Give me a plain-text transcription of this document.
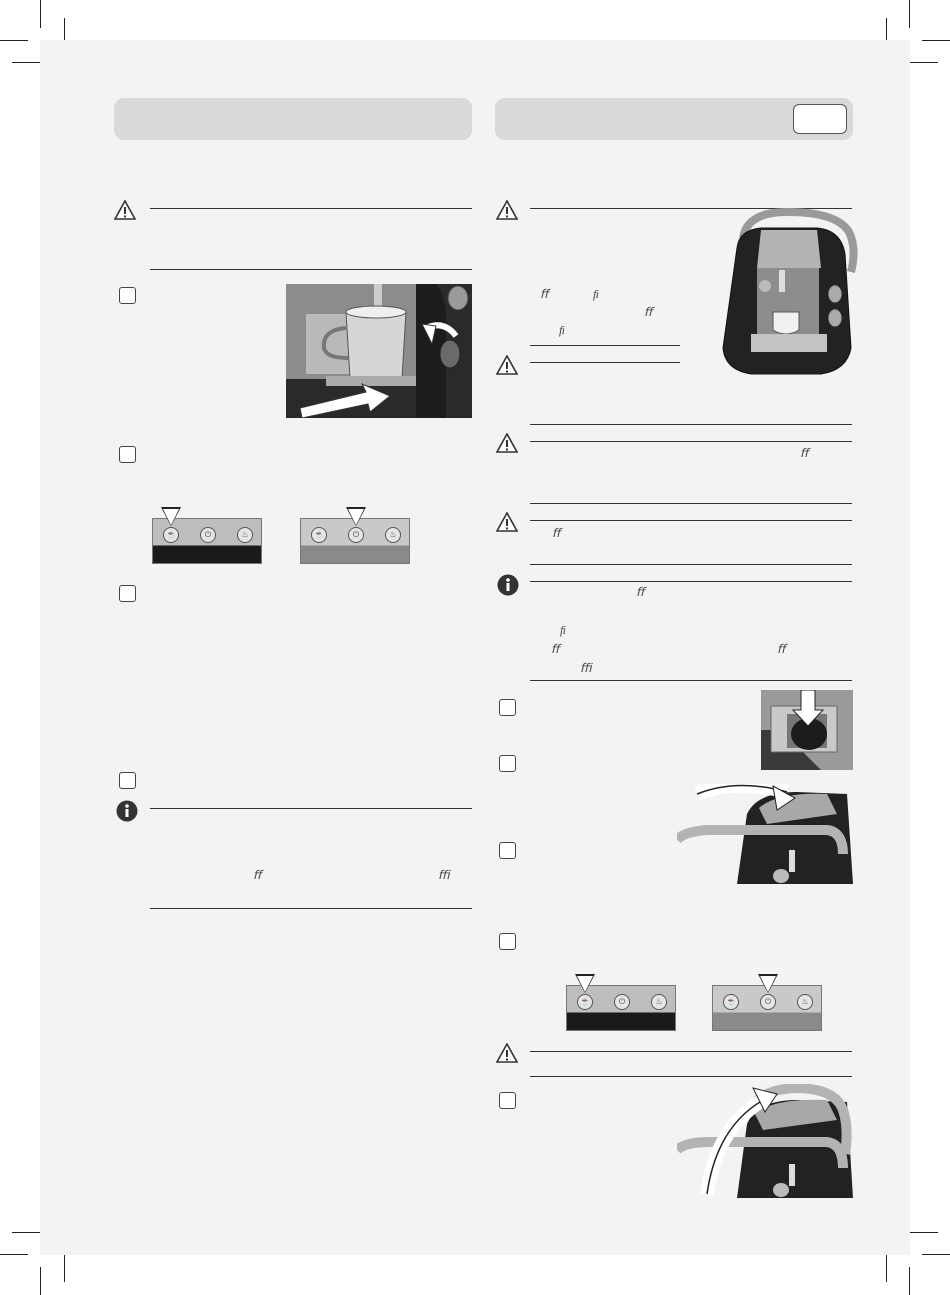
☕	⏻	♨	☕	⏻	♨
ﬀ	ﬃ
ﬀ	ﬁ
ﬀ
ﬁ
ﬀ
ﬀ
ﬀ
ﬁ
ﬀ	ﬀ
ﬃ
☕	⏻	♨	☕	⏻	♨
